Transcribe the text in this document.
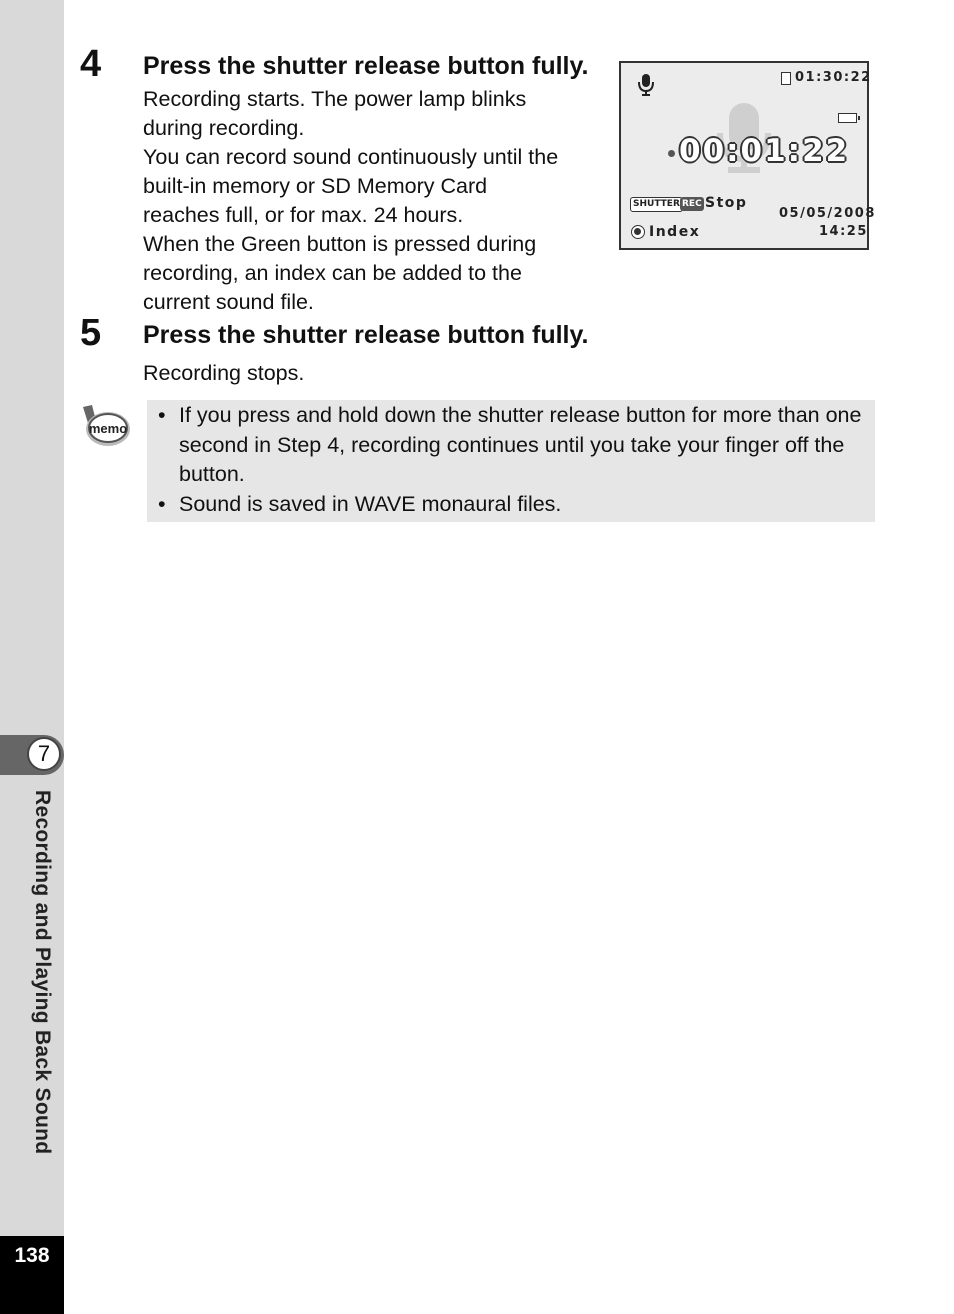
7
Recording and Playing Back Sound
138
4 Press the shutter release button fully.

Recording starts. The power lamp blinks

during recording.

You can record sound continuously until the

built-in memory or SD Memory Card

reaches full, or for max. 24 hours.

When the Green button is pressed during

recording, an index can be added to the

current sound file.

01:30:22
00:01:22
SHUTTER REC Stop
05/05/2008
Index	14:25
5 Press the shutter release button fully.

Recording stops.

memo
• If you press and hold down the shutter release button for more than one second in Step 4, recording continues until you take your finger off the button.
• Sound is saved in WAVE monaural files.
